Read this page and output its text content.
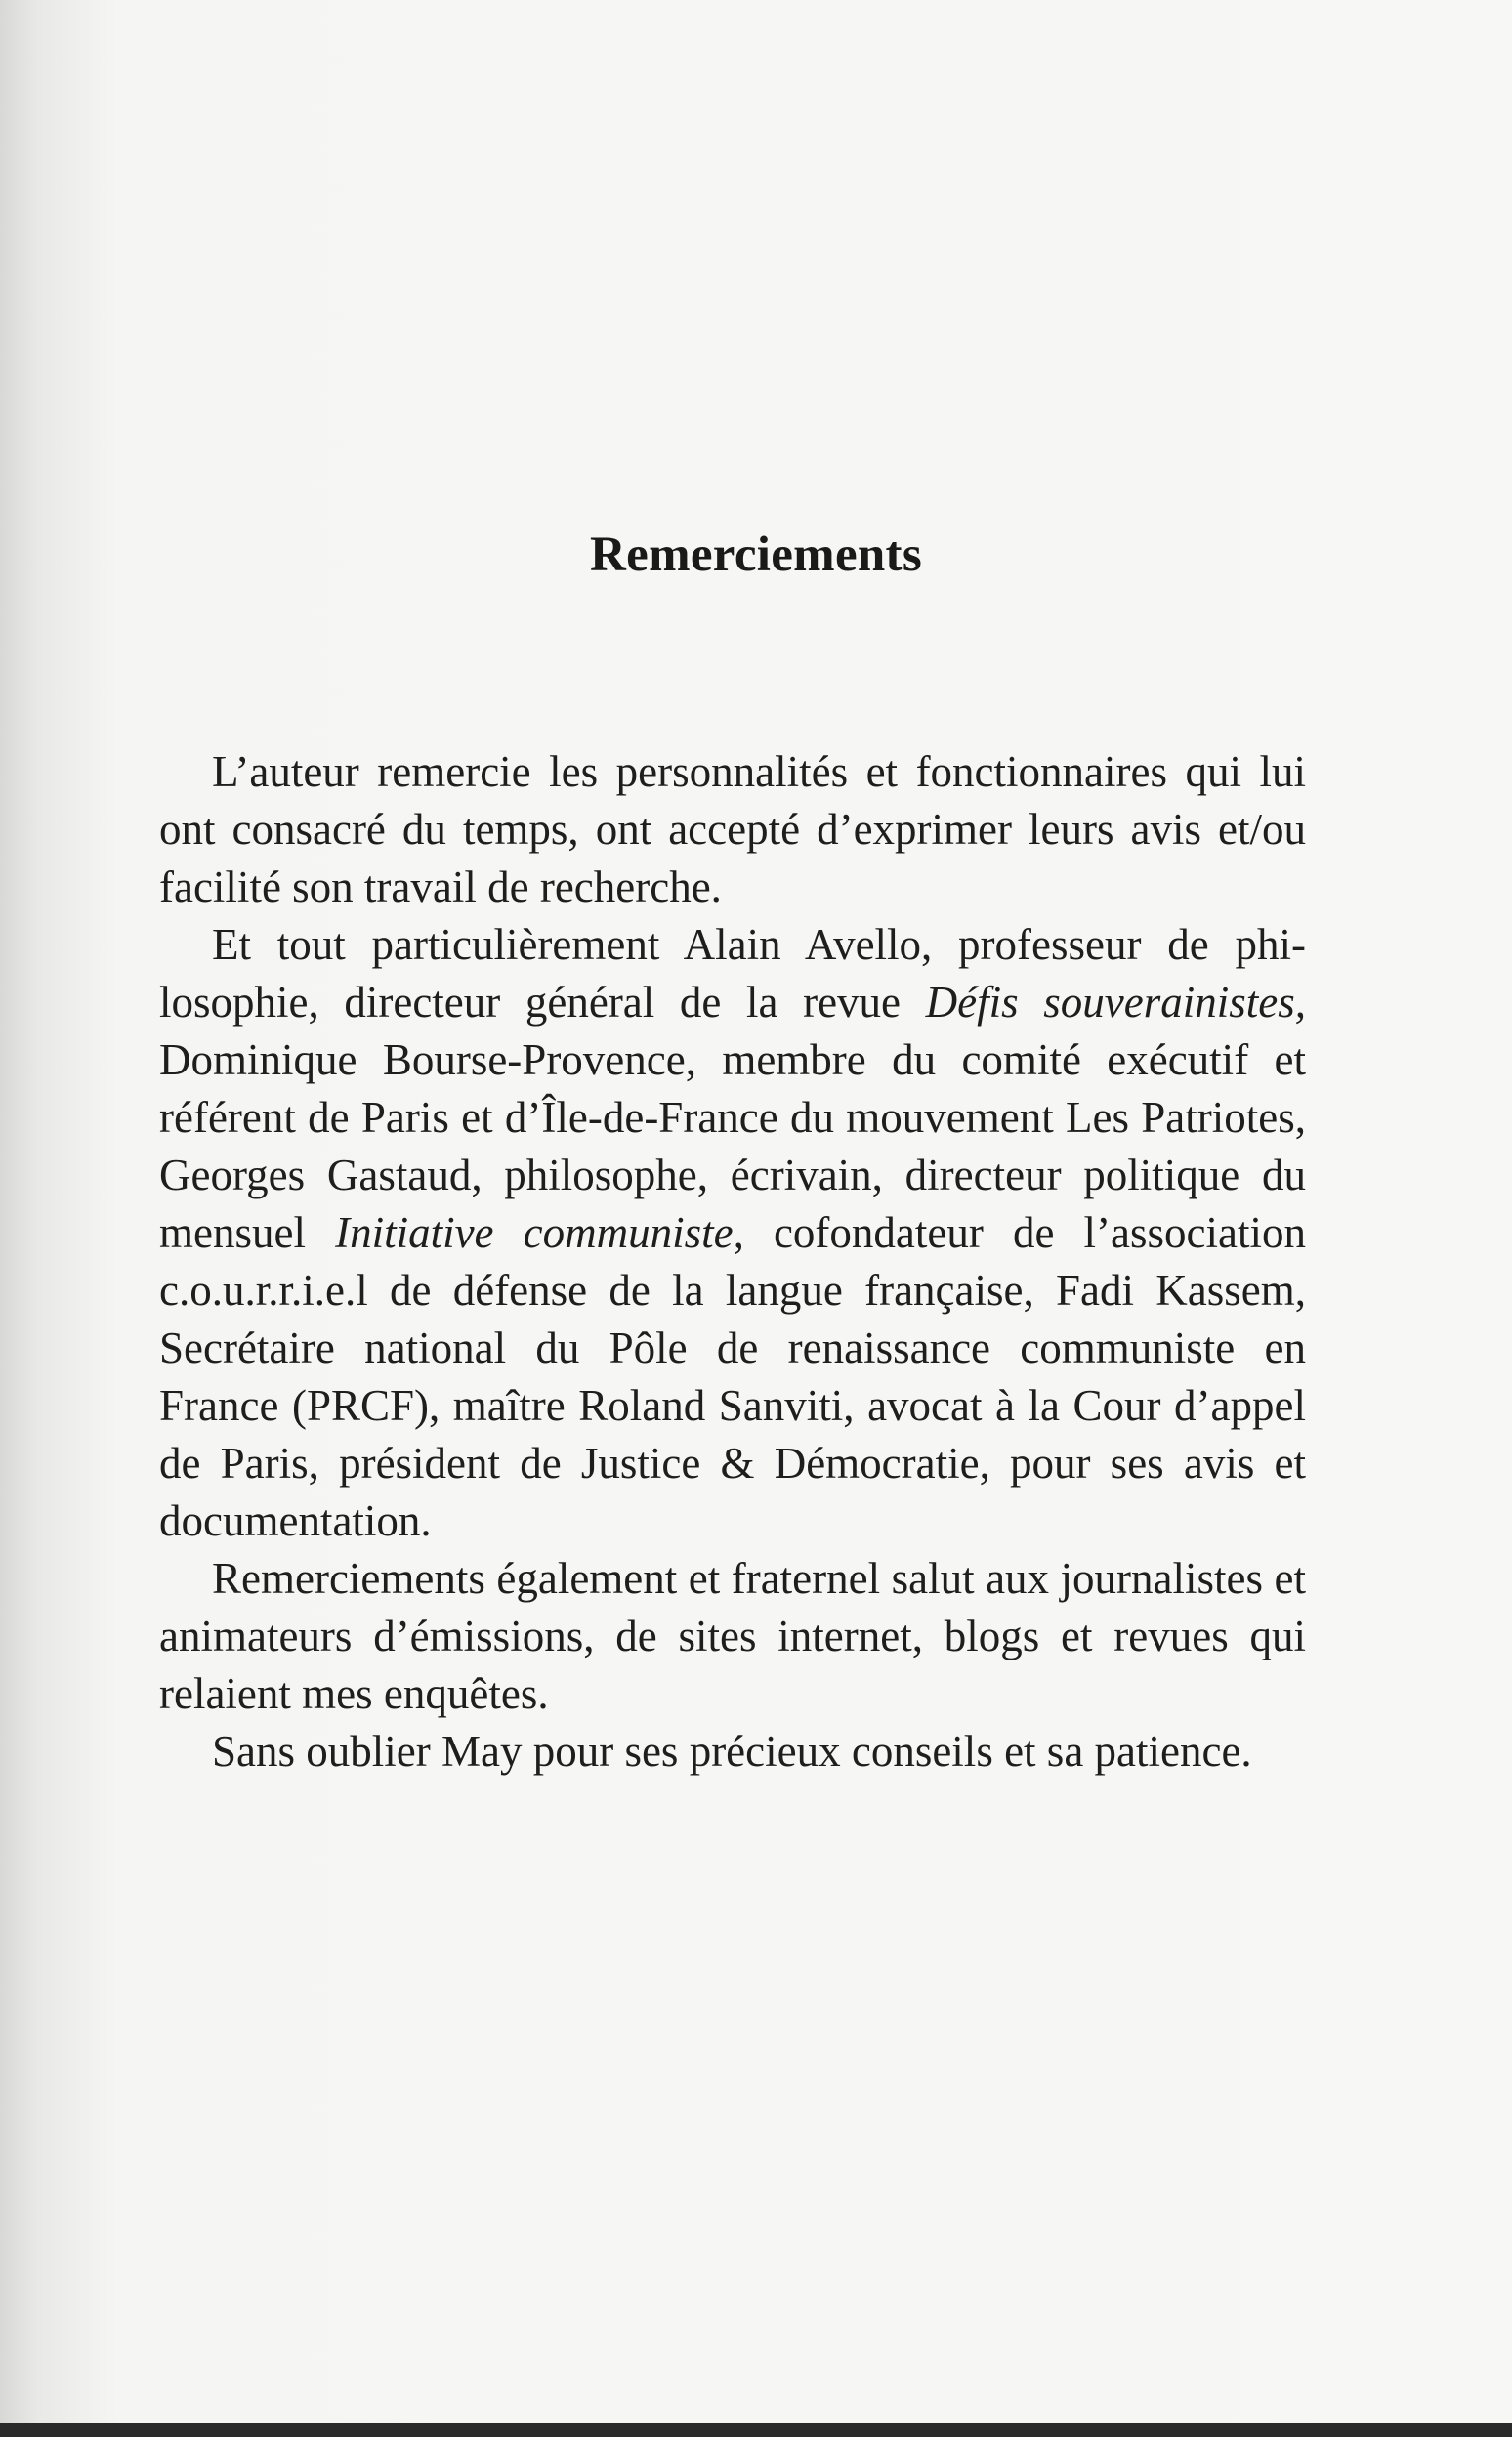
Remerciements

L’auteur remercie les personnalités et fonctionnaires qui lui ont consacré du temps, ont accepté d’exprimer leurs avis et/ou facilité son travail de recherche.

Et tout particulièrement Alain Avello, professeur de philosophie, directeur général de la revue Défis souverainistes, Dominique Bourse-Provence, membre du comité exécutif et référent de Paris et d’Île-de-France du mouvement Les Patriotes, Georges Gastaud, philosophe, écrivain, directeur politique du mensuel Initiative communiste, cofondateur de l’association c.o.u.r.r.i.e.l de défense de la langue française, Fadi Kassem, Secrétaire national du Pôle de renaissance communiste en France (PRCF), maître Roland Sanviti, avocat à la Cour d’appel de Paris, président de Justice & Démocratie, pour ses avis et documentation.

Remerciements également et fraternel salut aux journalistes et animateurs d’émissions, de sites internet, blogs et revues qui relaient mes enquêtes.

Sans oublier May pour ses précieux conseils et sa patience.
